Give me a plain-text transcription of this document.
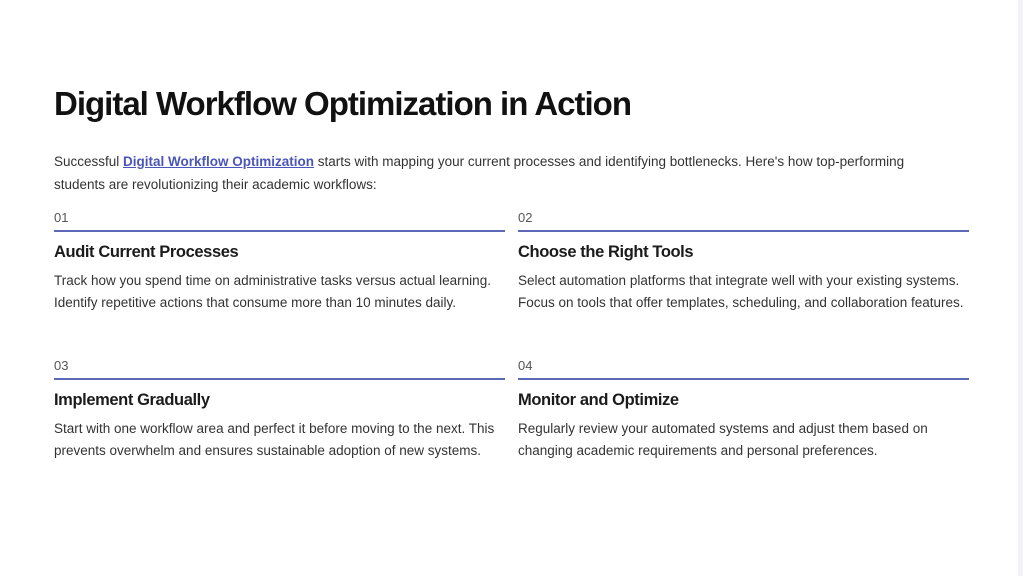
Digital Workflow Optimization in Action

Successful Digital Workflow Optimization starts with mapping your current processes and identifying bottlenecks. Here's how top-performing students are revolutionizing their academic workflows:

01
Audit Current Processes
Track how you spend time on administrative tasks versus actual learning. Identify repetitive actions that consume more than 10 minutes daily.
02
Choose the Right Tools
Select automation platforms that integrate well with your existing systems. Focus on tools that offer templates, scheduling, and collaboration features.
03
Implement Gradually
Start with one workflow area and perfect it before moving to the next. This prevents overwhelm and ensures sustainable adoption of new systems.
04
Monitor and Optimize
Regularly review your automated systems and adjust them based on changing academic requirements and personal preferences.
